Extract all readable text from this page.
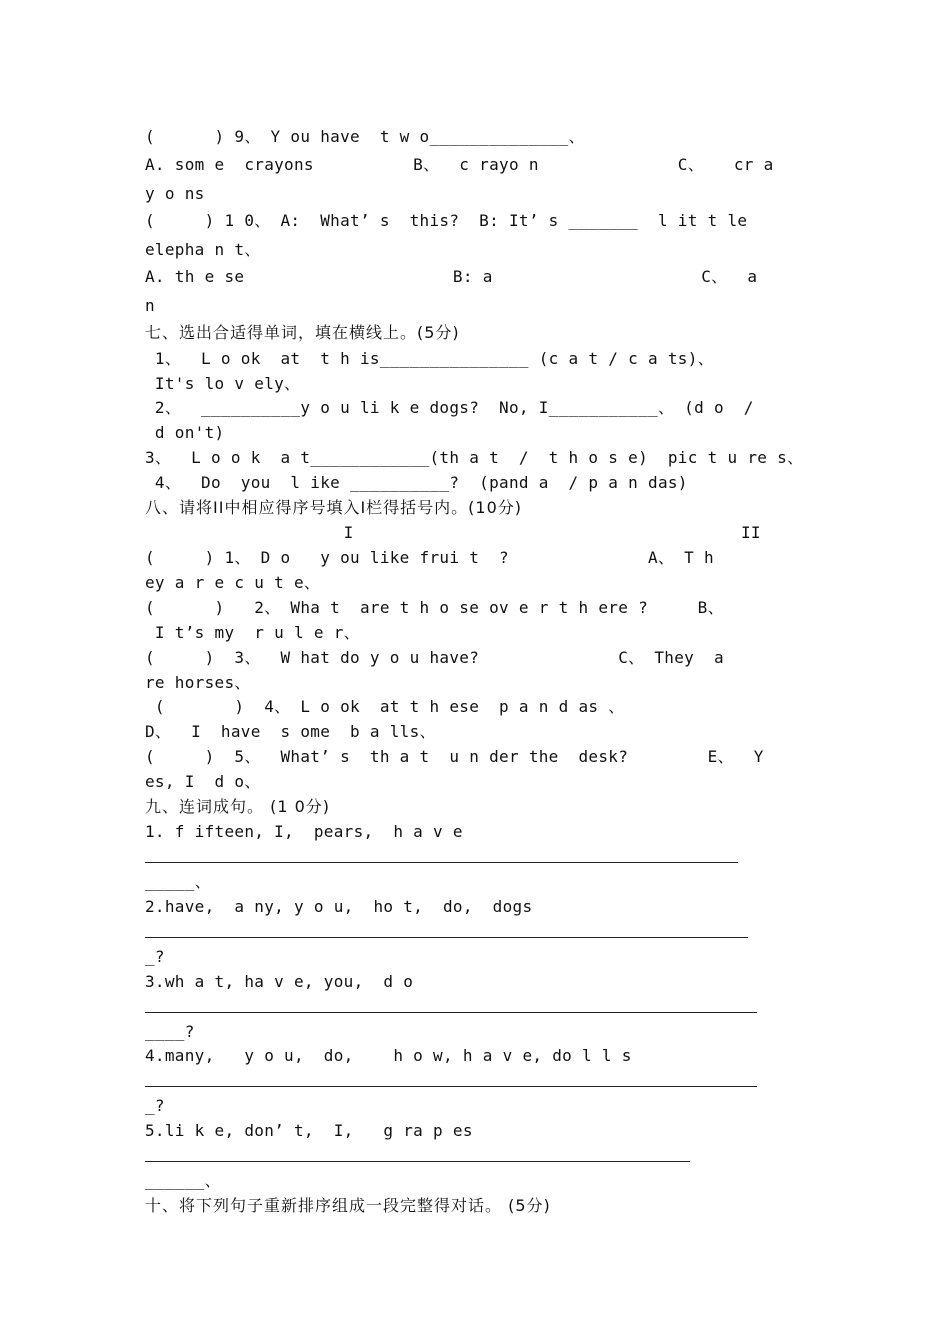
(      ) 9、 Y ou have  t w o______________、
A. som e  crayons          B、  c rayo n              C、   cr a
y o ns
(     ) 1 0、 A:  What’ s  this?  B: It’ s _______  l it t le
elepha n t、
A. th e se                     B: a                     C、  a
n
七、选出合适得单词，填在横线上。(5分)
1、  L o ok  at  t h is_______________ (c a t / c a ts)、
It's lo v ely、
2、  __________y o u li k e dogs?  No, I___________、 (d o  /
d on't)
3、  L o o k  a t____________(th a t  /  t h o s e)  pic t u re s、
4、  Do  you  l ike __________?  (pand a  / p a n das)
八、请将II中相应得序号填入I栏得括号内。(10分)
I                                       II
(     ) 1、 D o   y ou like frui t  ?              A、 T h
ey a r e c u t e、
(      )   2、 Wha t  are t h o se ov e r t h ere ?     B、
I t’s my  r u l e r、
(     )  3、  W hat do y o u have?              C、 They  a
re horses、
(       )  4、 L o ok  at t h ese  p a n d as 、
D、  I  have  s ome  b a lls、
(     )  5、  What’ s  th a t  u n der the  desk?        E、  Y
es, I  d o、
九、连词成句。 (1 0分)
1. f ifteen, I,  pears,  h a v e
_____、
2.have,  a ny, y o u,  ho t,  do,  dogs
_?
3.wh a t, ha v e, you,  d o
____?
4.many,   y o u,  do,    h o w, h a v e, do l l s
_?
5.li k e, don’ t,  I,   g ra p es
______、
十、将下列句子重新排序组成一段完整得对话。 (5分)
